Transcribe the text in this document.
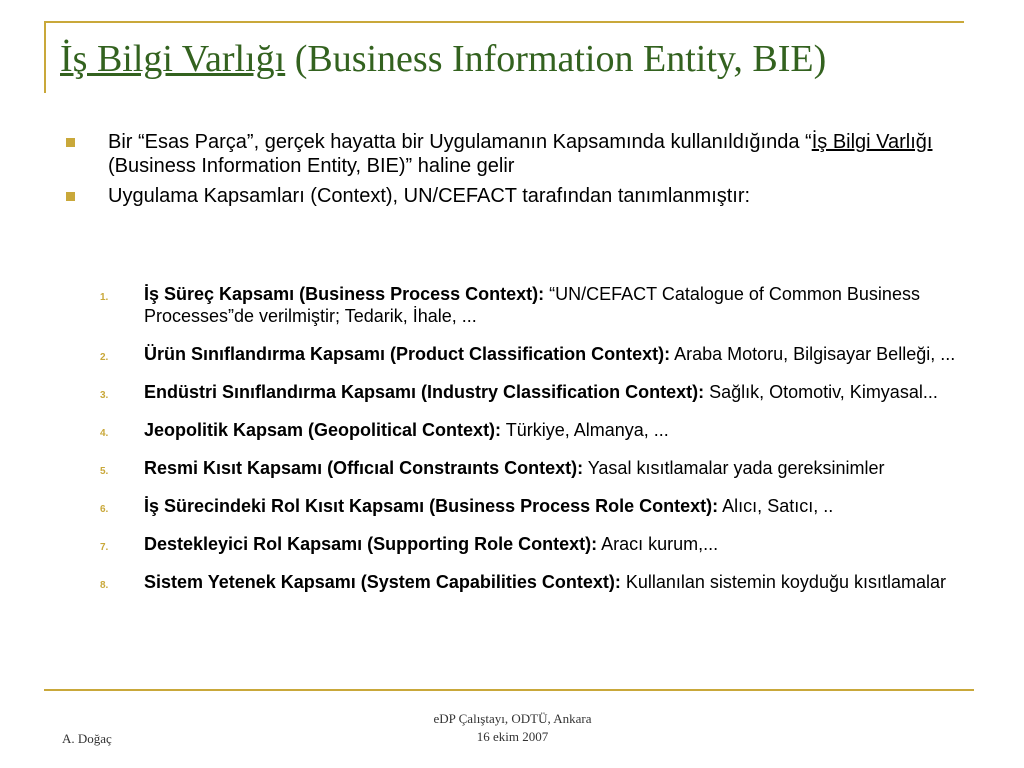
İş Bilgi Varlığı (Business Information Entity, BIE)
Bir “Esas Parça”, gerçek hayatta bir Uygulamanın Kapsamında kullanıldığında “İş Bilgi Varlığı (Business Information Entity, BIE)” haline gelir
Uygulama Kapsamları (Context), UN/CEFACT tarafından tanımlanmıştır:
1.	İş Süreç Kapsamı (Business Process Context): “UN/CEFACT Catalogue of Common Business Processes”de verilmiştir; Tedarik, İhale, ...
2.	Ürün Sınıflandırma Kapsamı (Product Classification Context): Araba Motoru, Bilgisayar Belleği, ...
3.	Endüstri Sınıflandırma Kapsamı (Industry Classification Context): Sağlık, Otomotiv, Kimyasal...
4.	Jeopolitik Kapsam (Geopolitical Context): Türkiye, Almanya, ...
5.	Resmi Kısıt Kapsamı (Offıcıal Constraınts Context): Yasal kısıtlamalar yada gereksinimler
6.	İş Sürecindeki Rol Kısıt Kapsamı (Business Process Role Context): Alıcı, Satıcı, ..
7.	Destekleyici Rol Kapsamı (Supporting Role Context): Aracı kurum,...
8.	Sistem Yetenek Kapsamı (System Capabilities Context): Kullanılan sistemin koyduğu kısıtlamalar
A. Doğaç
eDP Çalıştayı, ODTÜ, Ankara
16 ekim 2007
